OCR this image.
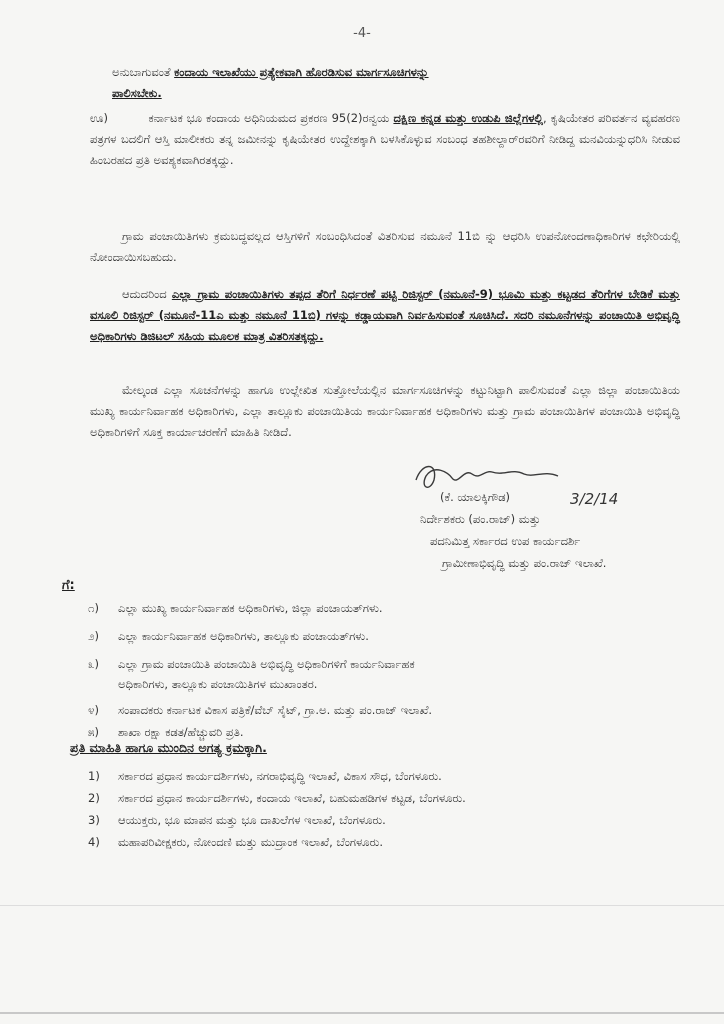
-4-
ಅನುಬಾಗುವಂತೆ ಕಂದಾಯ ಇಲಾಖೆಯು ಪ್ರತ್ಯೇಕವಾಗಿ ಹೊರಡಿಸುವ ಮಾರ್ಗಸೂಚಿಗಳನ್ನು
ಪಾಲಿಸಬೇಕು.
ಊ)	ಕರ್ನಾಟಕ ಭೂ ಕಂದಾಯ ಅಧಿನಿಯಮದ ಪ್ರಕರಣ 95(2)ರನ್ವಯ ದಕ್ಷಿಣ ಕನ್ನಡ ಮತ್ತು ಉಡುಪಿ ಜಿಲ್ಲೆಗಳಲ್ಲಿ, ಕೃಷಿಯೇತರ ಪರಿವರ್ತನ ವ್ಯವಹರಣ ಪತ್ರಗಳ ಬದಲಿಗೆ ಆಸ್ತಿ ಮಾಲೀಕರು ತನ್ನ ಜಮೀನನ್ನು ಕೃಷಿಯೇತರ ಉದ್ದೇಶಕ್ಕಾಗಿ ಬಳಸಿಕೊಳ್ಳುವ ಸಂಬಂಧ ತಹಶೀಲ್ದಾರ್‌ರವರಿಗೆ ನೀಡಿದ್ದ ಮನವಿಯನ್ನುಧರಿಸಿ ನೀಡುವ ಹಿಂಬರಹದ ಪ್ರತಿ ಅವಶ್ಯಕವಾಗಿರತಕ್ಕದ್ದು.
ಗ್ರಾಮ ಪಂಚಾಯಿತಿಗಳು ಕ್ರಮಬದ್ಧವಲ್ಲದ ಆಸ್ತಿಗಳಿಗೆ ಸಂಬಂಧಿಸಿದಂತೆ ವಿತರಿಸುವ ನಮೂನೆ 11ಬಿ ನ್ನು ಆಧರಿಸಿ ಉಪನೋಂದಣಾಧಿಕಾರಿಗಳ ಕಛೇರಿಯಲ್ಲಿ ನೋಂದಾಯಿಸಬಹುದು.
ಆದುದರಿಂದ ಎಲ್ಲಾ ಗ್ರಾಮ ಪಂಚಾಯಿತಿಗಳು ತಪ್ಪದ ತೆರಿಗೆ ನಿರ್ಧರಣೆ ಪಟ್ಟಿ ರಿಜಿಸ್ಟರ್ (ನಮೂನೆ-9) ಭೂಮಿ ಮತ್ತು ಕಟ್ಟಡದ ತೆರಿಗೆಗಳ ಬೇಡಿಕೆ ಮತ್ತು ವಸೂಲಿ ರಿಜಿಸ್ಟರ್ (ನಮೂನೆ-11ಎ ಮತ್ತು ನಮೂನೆ 11ಬಿ) ಗಳನ್ನು ಕಡ್ಡಾಯವಾಗಿ ನಿರ್ವಹಿಸುವಂತೆ ಸೂಚಿಸಿದೆ. ಸದರಿ ನಮೂನೆಗಳನ್ನು ಪಂಚಾಯಿತಿ ಅಭಿವೃದ್ಧಿ ಅಧಿಕಾರಿಗಳು ಡಿಜಿಟಲ್ ಸಹಿಯ ಮೂಲಕ ಮಾತ್ರ ವಿತರಿಸತಕ್ಕದ್ದು.
ಮೇಲ್ಕಂಡ ಎಲ್ಲಾ ಸೂಚನೆಗಳನ್ನು ಹಾಗೂ ಉಲ್ಲೇಖಿತ ಸುತ್ತೋಲೆಯಲ್ಲಿನ ಮಾರ್ಗಸೂಚಿಗಳನ್ನು ಕಟ್ಟುನಿಟ್ಟಾಗಿ ಪಾಲಿಸುವಂತೆ ಎಲ್ಲಾ ಜಿಲ್ಲಾ ಪಂಚಾಯಿತಿಯ ಮುಖ್ಯ ಕಾರ್ಯನಿರ್ವಾಹಕ ಅಧಿಕಾರಿಗಳು, ಎಲ್ಲಾ ತಾಲ್ಲೂಕು ಪಂಚಾಯಿತಿಯ ಕಾರ್ಯನಿರ್ವಾಹಕ ಅಧಿಕಾರಿಗಳು ಮತ್ತು ಗ್ರಾಮ ಪಂಚಾಯಿತಿಗಳ ಪಂಚಾಯಿತಿ ಅಭಿವೃದ್ಧಿ ಅಧಿಕಾರಿಗಳಿಗೆ ಸೂಕ್ತ ಕಾರ್ಯಾಚರಣೆಗೆ ಮಾಹಿತಿ ನೀಡಿದೆ.
(ಕೆ. ಯಾಲಕ್ಕಿಗೌಡ)	3/2/14
ನಿರ್ದೇಶಕರು (ಪಂ.ರಾಜ್) ಮತ್ತು
ಪದನಿಮಿತ್ತ ಸರ್ಕಾರದ ಉಪ ಕಾರ್ಯದರ್ಶಿ
ಗ್ರಾಮೀಣಾಭಿವೃದ್ಧಿ ಮತ್ತು ಪಂ.ರಾಜ್ ಇಲಾಖೆ.
ಗೆ:
೧) ಎಲ್ಲಾ ಮುಖ್ಯ ಕಾರ್ಯನಿರ್ವಾಹಕ ಅಧಿಕಾರಿಗಳು, ಜಿಲ್ಲಾ ಪಂಚಾಯತ್‌ಗಳು.
೨) ಎಲ್ಲಾ ಕಾರ್ಯನಿರ್ವಾಹಕ ಅಧಿಕಾರಿಗಳು, ತಾಲ್ಲೂಕು ಪಂಚಾಯತ್‌ಗಳು.
೩) ಎಲ್ಲಾ ಗ್ರಾಮ ಪಂಚಾಯಿತಿ ಪಂಚಾಯಿತಿ ಅಭಿವೃದ್ಧಿ ಅಧಿಕಾರಿಗಳಿಗೆ ಕಾರ್ಯನಿರ್ವಾಹಕ
ಅಧಿಕಾರಿಗಳು, ತಾಲ್ಲೂಕು ಪಂಚಾಯಿತಿಗಳ ಮುಖಾಂತರ.
೪) ಸಂಪಾದಕರು ಕರ್ನಾಟಕ ವಿಕಾಸ ಪತ್ರಿಕೆ/ವೆಬ್ ಸೈಟ್, ಗ್ರಾ.ಅ. ಮತ್ತು ಪಂ.ರಾಜ್ ಇಲಾಖೆ.
೫) ಶಾಖಾ ರಕ್ಷಾ ಕಡತ/ಹೆಚ್ಚುವರಿ ಪ್ರತಿ.
ಪ್ರತಿ ಮಾಹಿತಿ ಹಾಗೂ ಮುಂದಿನ ಅಗತ್ಯ ಕ್ರಮಕ್ಕಾಗಿ.
1) ಸರ್ಕಾರದ ಪ್ರಧಾನ ಕಾರ್ಯದರ್ಶಿಗಳು, ನಗರಾಭಿವೃದ್ಧಿ ಇಲಾಖೆ, ವಿಕಾಸ ಸೌಧ, ಬೆಂಗಳೂರು.
2) ಸರ್ಕಾರದ ಪ್ರಧಾನ ಕಾರ್ಯದರ್ಶಿಗಳು, ಕಂದಾಯ ಇಲಾಖೆ, ಬಹುಮಹಡಿಗಳ ಕಟ್ಟಡ, ಬೆಂಗಳೂರು.
3) ಆಯುಕ್ತರು, ಭೂ ಮಾಪನ ಮತ್ತು ಭೂ ದಾಖಲೆಗಳ ಇಲಾಖೆ, ಬೆಂಗಳೂರು.
4) ಮಹಾಪರಿವೀಕ್ಷಕರು, ನೋಂದಣಿ ಮತ್ತು ಮುದ್ರಾಂಕ ಇಲಾಖೆ, ಬೆಂಗಳೂರು.
